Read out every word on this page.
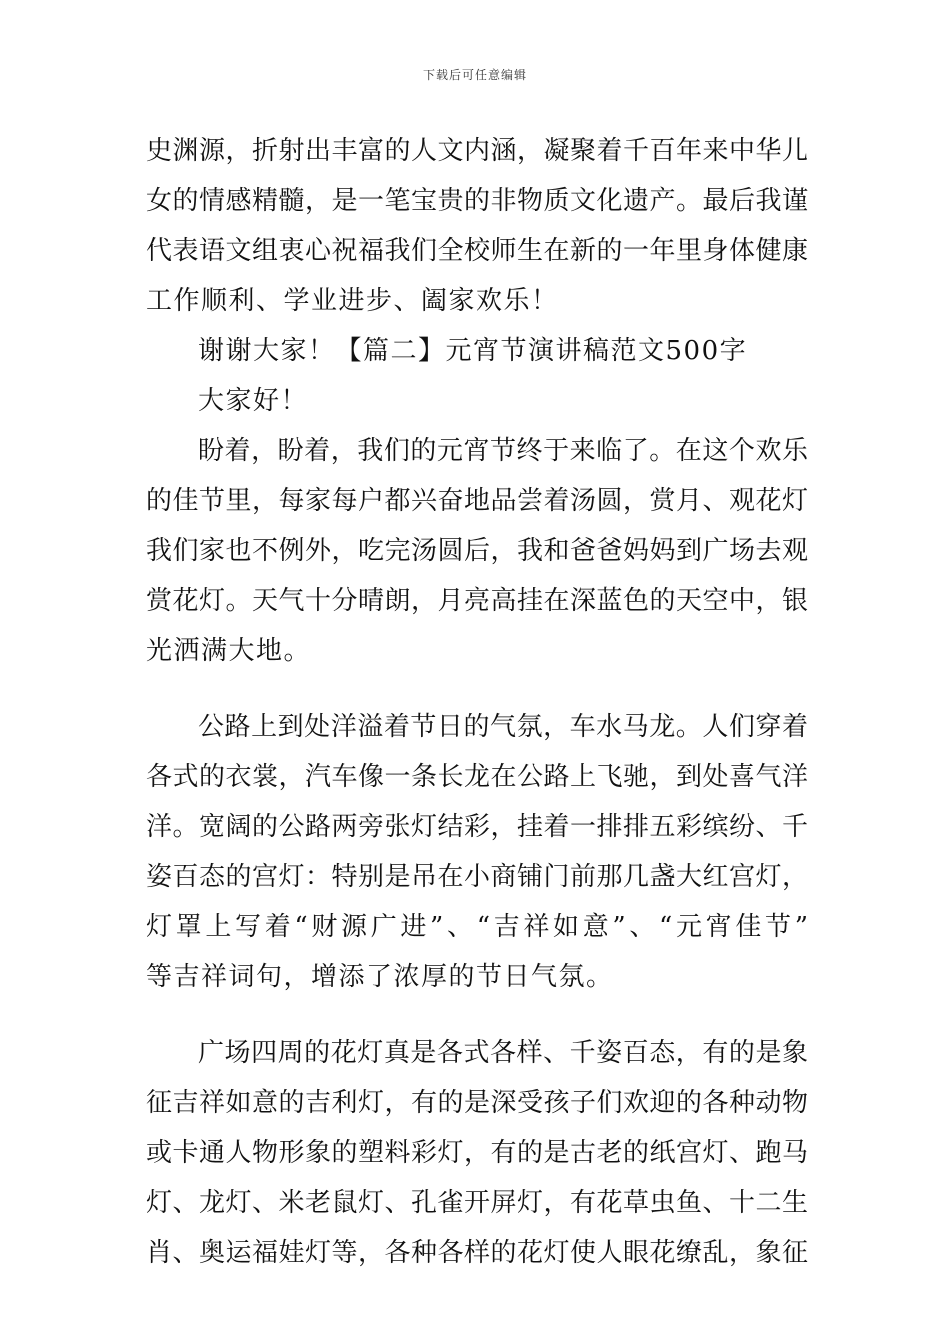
下载后可任意编辑
史渊源，折射出丰富的人文内涵，凝聚着千百年来中华儿
女的情感精髓，是一笔宝贵的非物质文化遗产。最后我谨
代表语文组衷心祝福我们全校师生在新的一年里身体健康
工作顺利、学业进步、阖家欢乐！
谢谢大家！【篇二】元宵节演讲稿范文500字
大家好！
盼着，盼着，我们的元宵节终于来临了。在这个欢乐
的佳节里，每家每户都兴奋地品尝着汤圆，赏月、观花灯
我们家也不例外，吃完汤圆后，我和爸爸妈妈到广场去观
赏花灯。天气十分晴朗，月亮高挂在深蓝色的天空中，银
光洒满大地。
公路上到处洋溢着节日的气氛，车水马龙。人们穿着
各式的衣裳，汽车像一条长龙在公路上飞驰，到处喜气洋
洋。宽阔的公路两旁张灯结彩，挂着一排排五彩缤纷、千
姿百态的宫灯：特别是吊在小商铺门前那几盏大红宫灯，
灯罩上写着“财源广进”、“吉祥如意”、“元宵佳节”
等吉祥词句，增添了浓厚的节日气氛。
广场四周的花灯真是各式各样、千姿百态，有的是象
征吉祥如意的吉利灯，有的是深受孩子们欢迎的各种动物
或卡通人物形象的塑料彩灯，有的是古老的纸宫灯、跑马
灯、龙灯、米老鼠灯、孔雀开屏灯，有花草虫鱼、十二生
肖、奥运福娃灯等，各种各样的花灯使人眼花缭乱，象征
